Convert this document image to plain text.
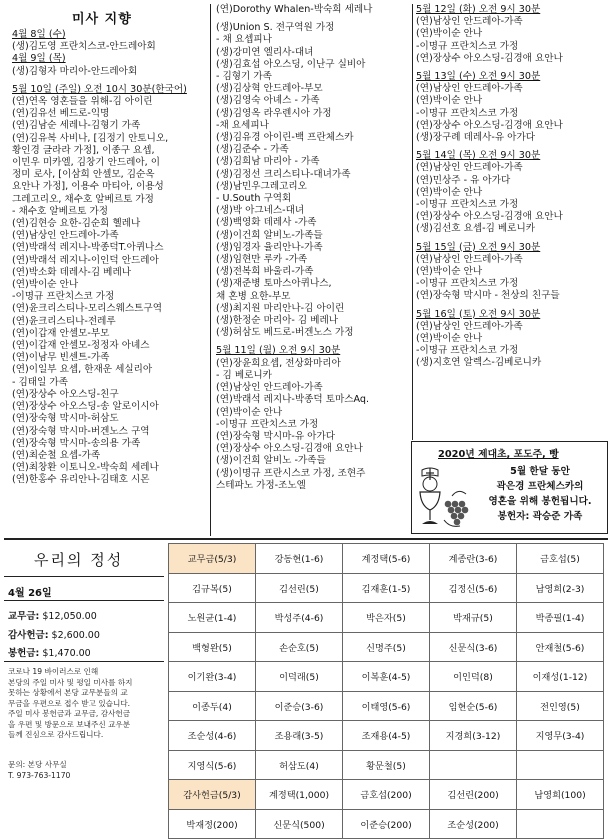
미사 지향
4월 8일 (수)
(생)김도영 프란치스코-안드레아회
4월 9일 (목)
(생)김형자 마리아-안드레아회
5월 10일 (주일) 오전 10시 30분(한국어)
(연)연옥 영혼들을 위해-김 아이린
(연)김유선 베드로-익명
(연)김남순 세레나-김형기 가족
(연)김유복 사비나, [김정기 안토니오,
황인경 글라라 가정], 이종구 요셉,
이민우 미카엘, 김창기 안드레아, 이
정미 로사, [이삼희 안셀모, 김순옥
요안나 가정], 이용수 마티아, 이용성
그레고리오, 채수호 알베르토 가정
- 채수호 알베르토 가정
(연)김현승 요한-김순희 헬레나
(연)남상인 안드레아-가족
(연)박래석 레지나-박종덕T.아퀴나스
(연)박래석 레지나-이인덕 안드레아
(연)박소화 데레사-김 베레나
(연)박이순 안나
-이명규 프란치스코 가정
(연)윤크리스티나-모리스웨스트구역
(연)윤크리스티나-전레루
(연)이갑재 안셀모-부모
(연)이갑재 안셀모-정정자 아녜스
(연)이남무 빈센트-가족
(연)이일부 요셉, 한재운 세실리아
- 김태일 가족
(연)장상수 아오스딩-친구
(연)장상수 아오스딩-송 알로이시아
(연)장숙형 막시마-허삼도
(연)장숙형 막시마-버겐노스 구역
(연)장숙형 막시마-송의용 가족
(연)최순철 요셉-가족
(연)최창환 이토니오-박숙희 세레나
(연)한홍수 유리안나-김태호 시몬
(연)Dorothy Whalen-박숙희 세레나
(생)Union S. 전구역원 가정
- 채 요셉피나
(생)강미연 엘리사-대녀
(생)김효섭 아오스딩, 이난구 실비아
- 김형기 가족
(생)김상혁 안드레아-부모
(생)김영숙 아녜스 - 가족
(생)김영옥 라우렌시아 가정
-채 요세피나
(생)김유경 아이린-백 프란체스카
(생)김준수 - 가족
(생)김희남 마리아 - 가족
(생)김정선 크리스티나-대녀가족
(생)남민우그레고리오
- U.South 구역회
(생)박 아그네스-대녀
(생)백영화 데레사 -가족
(생)이건희 알비노-가족들
(생)임경자 율리안나-가족
(생)임현만 루카 -가족
(생)전복희 바울리-가족
(생)재준병 토마스아퀴나스,
채 혼병 요한-부모
(생)최지원 마리안나-김 아이린
(생)한정순 마리아- 김 베레나
(생)허삼도 베드로-버겐노스 가정
5월 11일 (월) 오전 9시 30분
(연)장윤희요셉, 전상화마리아
- 김 베로니카
(연)남상인 안드레아-가족
(연)박래석 레지나-박종덕 토마스Aq.
(연)박이순 안나
-이명규 프란치스코 가정
(연)장숙형 막시마-유 아가다
(연)장상수 아오스딩-김경애 요안나
(생)이건희 알비노 -가족들
(생)이명규 프란시스코 가정, 조현주
스테파노 가정-조노엘
5월 12일 (화) 오전 9시 30분
(연)남상인 안드레아-가족
(연)박이순 안나
-이명규 프란치스코 가정
(연)장상수 아오스딩-김경애 요안나
5월 13일 (수) 오전 9시 30분
(연)남상인 안드레아-가족
(연)박이순 안나
-이명규 프란치스코 가정
(연)장상수 아오스딩-김경애 요안나
(생)장구례 데레사-유 아가다
5월 14일 (목) 오전 9시 30분
(연)남상인 안드레아-가족
(연)민상주 - 유 아가다
(연)박이순 안나
-이명규 프란치스코 가정
(연)장상수 아오스딩-김경애 요안나
(생)김선호 요셉-김 베로니카
5월 15일 (금) 오전 9시 30분
(연)남상인 안드레아-가족
(연)박이순 안나
-이명규 프란치스코 가정
(연)장숙형 막시마 - 천상의 친구들
5월 16일 (토) 오전 9시 30분
(연)남상인 안드레아-가족
(연)박이순 안나
-이명규 프란치스코 가정
(생)지호연 알렉스-김베로니카
2020년 제대초, 포도주, 빵
5월 한달 동안
곽은경 프란체스카의
영혼을 위해 봉헌됩니다.
봉헌자: 곽승준 가족
우리의 정성
4월 26일
교무금: $12,050.00
감사헌금: $2,600.00
봉헌금: $1,470.00
코로나 19 바이러스로 인해
본당의 주일 미사 및 평일 미사를 하지
못하는 상황에서 본당 교무분들의 교
무금을 우편으로 접수 받고 있습니다.
주일 미사 봉헌금과 교무금, 감사헌금
을 우편 및 방문으로 보내주신 교우분
들께 진심으로 감사드립니다.
문의: 본당 사무실
T. 973-763-1170
교무금(5/3)	강동현(1-6)	계정택(5-6)	계종란(3-6)	금호섭(5)
김규복(5)	김선린(5)	김재훈(1-5)	김정신(5-6)	남영희(2-3)
노원균(1-4)	박성주(4-6)	박은자(5)	박재규(5)	박종필(1-4)
백형완(5)	손순호(5)	신명주(5)	신문식(3-6)	안재철(5-6)
이기완(3-4)	이덕래(5)	이복훈(4-5)	이인덕(8)	이재성(1-12)
이종두(4)	이준승(3-6)	이태영(5-6)	임현순(5-6)	전인영(5)
조순성(4-6)	조용래(3-5)	조재용(4-5)	지경희(3-12)	지영무(3-4)
지영식(5-6)	허삼도(4)	황문철(5)		
감사헌금(5/3)	계정택(1,000)	금호섭(200)	김선린(200)	남영희(100)
박재정(200)	신문식(500)	이준승(200)	조순성(200)	
